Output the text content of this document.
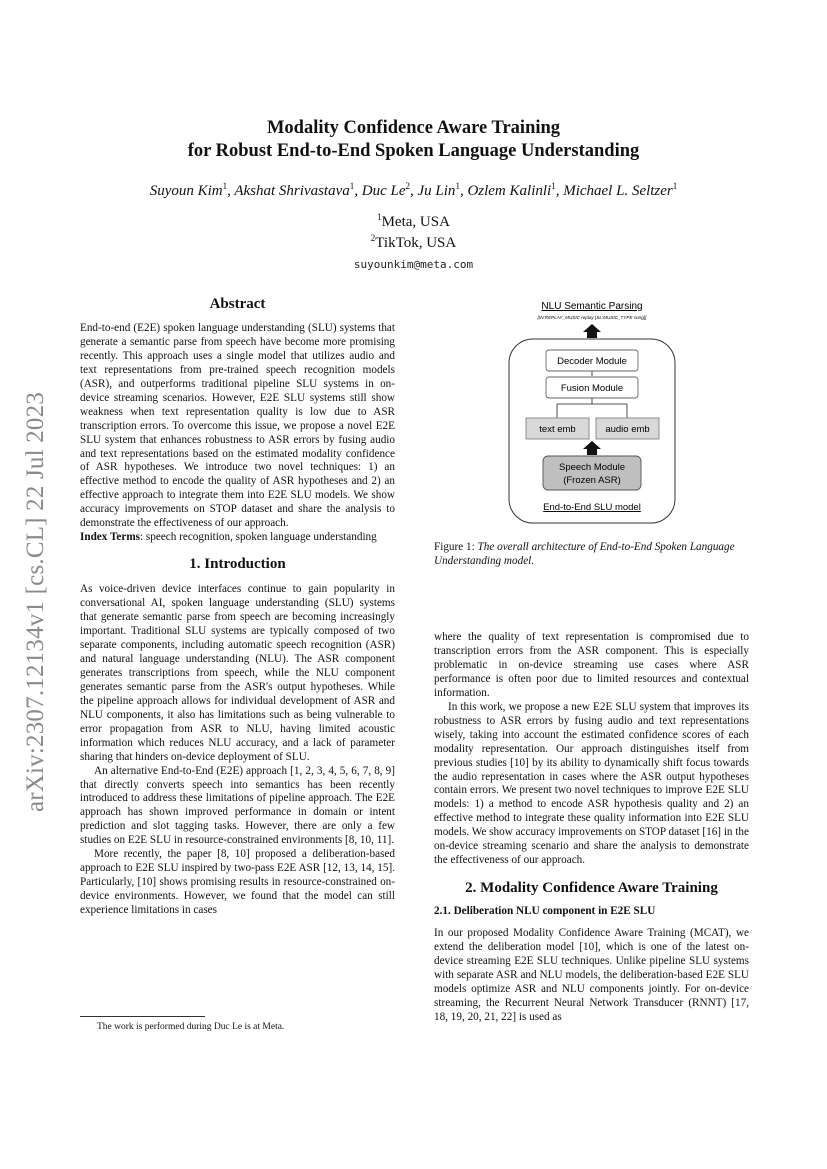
arXiv:2307.12134v1 [cs.CL] 22 Jul 2023
Modality Confidence Aware Training
for Robust End-to-End Spoken Language Understanding
Suyoun Kim$^1$, Akshat Shrivastava$^1$, Duc Le$^2$, Ju Lin$^1$, Ozlem Kalinli$^1$, Michael L. Seltzer$^1$
$^1$Meta, USA
$^2$TikTok, USA
suyounkim@meta.com
Abstract

End-to-end (E2E) spoken language understanding (SLU) systems that generate a semantic parse from speech have become more promising recently. This approach uses a single model that utilizes audio and text representations from pre-trained speech recognition models (ASR), and outperforms traditional pipeline SLU systems in on-device streaming scenarios. However, E2E SLU systems still show weakness when text representation quality is low due to ASR transcription errors. To overcome this issue, we propose a novel E2E SLU system that enhances robustness to ASR errors by fusing audio and text representations based on the estimated modality confidence of ASR hypotheses. We introduce two novel techniques: 1) an effective method to encode the quality of ASR hypotheses and 2) an effective approach to integrate them into E2E SLU models. We show accuracy improvements on STOP dataset and share the analysis to demonstrate the effectiveness of our approach.

Index Terms: speech recognition, spoken language understanding

1. Introduction

As voice-driven device interfaces continue to gain popularity in conversational AI, spoken language understanding (SLU) systems that generate semantic parse from speech are becoming increasingly important. Traditional SLU systems are typically composed of two separate components, including automatic speech recognition (ASR) and natural language understanding (NLU). The ASR component generates transcriptions from speech, while the NLU component generates semantic parse from the ASR's output hypotheses. While the pipeline approach allows for individual development of ASR and NLU components, it also has limitations such as being vulnerable to error propagation from ASR to NLU, having limited acoustic information which reduces NLU accuracy, and a lack of parameter sharing that hinders on-device deployment of SLU.

An alternative End-to-End (E2E) approach [1, 2, 3, 4, 5, 6, 7, 8, 9] that directly converts speech into semantics has been recently introduced to address these limitations of pipeline approach. The E2E approach has shown improved performance in domain or intent prediction and slot tagging tasks. However, there are only a few studies on E2E SLU in resource-constrained environments [8, 10, 11].

More recently, the paper [8, 10] proposed a deliberation-based approach to E2E SLU inspired by two-pass E2E ASR [12, 13, 14, 15]. Particularly, [10] shows promising results in resource-constrained on-device environments. However, we found that the model can still experience limitations in cases

The work is performed during Duc Le is at Meta.
NLU Semantic Parsing
[IN:REPLAY_MUSIC replay [SL:MUSIC_TYPE song]]
Decoder Module
Fusion Module
text emb	audio emb
Speech Module
(Frozen ASR)
End-to-End SLU model
Figure 1: The overall architecture of End-to-End Spoken Language Understanding model.

where the quality of text representation is compromised due to transcription errors from the ASR component. This is especially problematic in on-device streaming use cases where ASR performance is often poor due to limited resources and contextual information.

In this work, we propose a new E2E SLU system that improves its robustness to ASR errors by fusing audio and text representations wisely, taking into account the estimated confidence scores of each modality representation. Our approach distinguishes itself from previous studies [10] by its ability to dynamically shift focus towards the audio representation in cases where the ASR output hypotheses contain errors. We present two novel techniques to improve E2E SLU models: 1) a method to encode ASR hypothesis quality and 2) an effective method to integrate these quality information into E2E SLU models. We show accuracy improvements on STOP dataset [16] in the on-device streaming scenario and share the analysis to demonstrate the effectiveness of our approach.

2. Modality Confidence Aware Training
2.1. Deliberation NLU component in E2E SLU

In our proposed Modality Confidence Aware Training (MCAT), we extend the deliberation model [10], which is one of the latest on-device streaming E2E SLU techniques. Unlike pipeline SLU systems with separate ASR and NLU models, the deliberation-based E2E SLU models optimize ASR and NLU components jointly. For on-device streaming, the Recurrent Neural Network Transducer (RNNT) [17, 18, 19, 20, 21, 22] is used as
